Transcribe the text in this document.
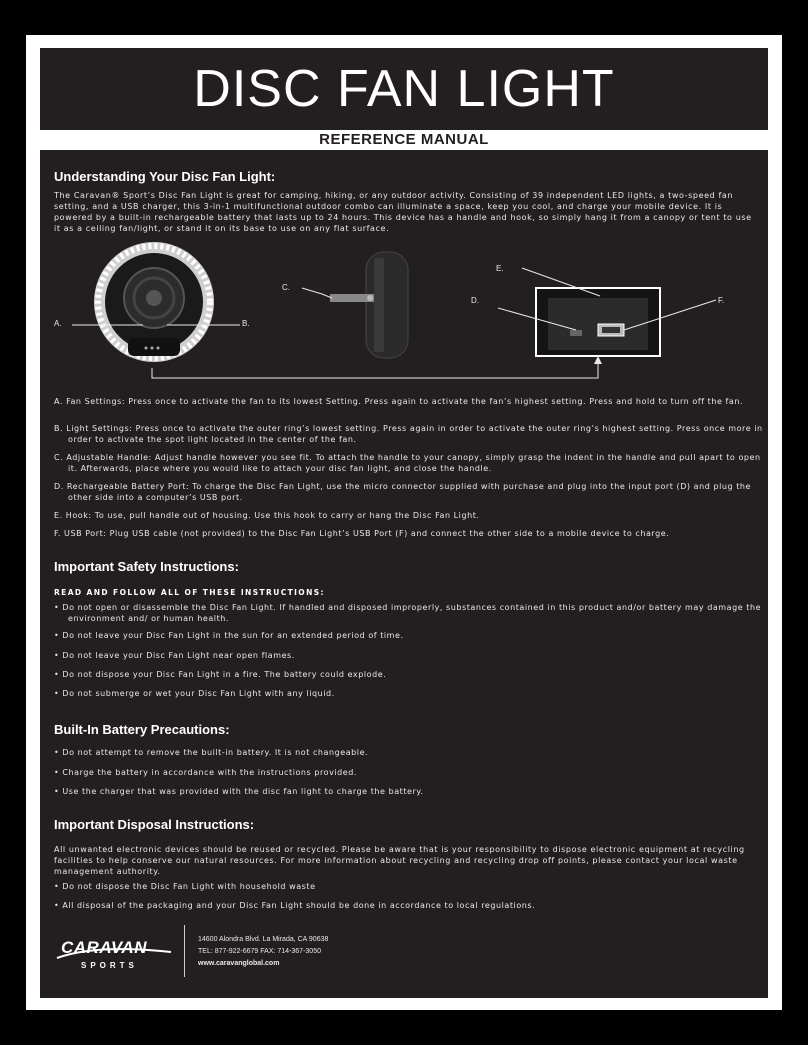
DISC FAN LIGHT
REFERENCE MANUAL
Understanding Your Disc Fan Light:

The Caravan® Sport’s Disc Fan Light is great for camping, hiking, or any outdoor activity. Consisting of 39 independent LED lights, a two-speed fan setting, and a USB charger, this 3-in-1 multifunctional outdoor combo can illuminate a space, keep you cool, and charge your mobile device. It is powered by a built-in rechargeable battery that lasts up to 24 hours. This device has a handle and hook, so simply hang it from a canopy or tent to use it as a ceiling fan/light, or stand it on its base to use on any flat surface.

A.	B.
C.
D.
E.
F.
A. Fan Settings: Press once to activate the fan to its lowest Setting. Press again to activate the fan’s highest setting. Press and hold to turn off the fan.
B. Light Settings: Press once to activate the outer ring’s lowest setting. Press again in order to activate the outer ring’s highest setting. Press once more in order to activate the spot light located in the center of the fan.
C. Adjustable Handle: Adjust handle however you see fit. To attach the handle to your canopy, simply grasp the indent in the handle and pull apart to open it. Afterwards, place where you would like to attach your disc fan light, and close the handle.
D. Rechargeable Battery Port: To charge the Disc Fan Light, use the micro connector supplied with purchase and plug into the input port (D) and plug the other side into a computer’s USB port.
E. Hook: To use, pull handle out of housing. Use this hook to carry or hang the Disc Fan Light.
F. USB Port: Plug USB cable (not provided) to the Disc Fan Light’s USB Port (F) and connect the other side to a mobile device to charge.
Important Safety Instructions:
READ AND FOLLOW ALL OF THESE INSTRUCTIONS:
• Do not open or disassemble the Disc Fan Light. If handled and disposed improperly, substances contained in this product and/or battery may damage the environment and/ or human health.
• Do not leave your Disc Fan Light in the sun for an extended period of time.
• Do not leave your Disc Fan Light near open flames.
• Do not dispose your Disc Fan Light in a fire. The battery could explode.
• Do not submerge or wet your Disc Fan Light with any liquid.
Built-In Battery Precautions:
• Do not attempt to remove the built-in battery. It is not changeable.
• Charge the battery in accordance with the instructions provided.
• Use the charger that was provided with the disc fan light to charge the battery.
Important Disposal Instructions:

All unwanted electronic devices should be reused or recycled. Please be aware that is your responsibility to dispose electronic equipment at recycling facilities to help conserve our natural resources. For more information about recycling and recycling drop off points, please contact your local waste management authority.

• Do not dispose the Disc Fan Light with household waste
• All disposal of the packaging and your Disc Fan Light should be done in accordance to local regulations.
CARAVAN
SPORTS
14600 Alondra Blvd. La Mirada, CA 90638
TEL: 877-922-6679 FAX: 714-367-3050
www.caravanglobal.com
